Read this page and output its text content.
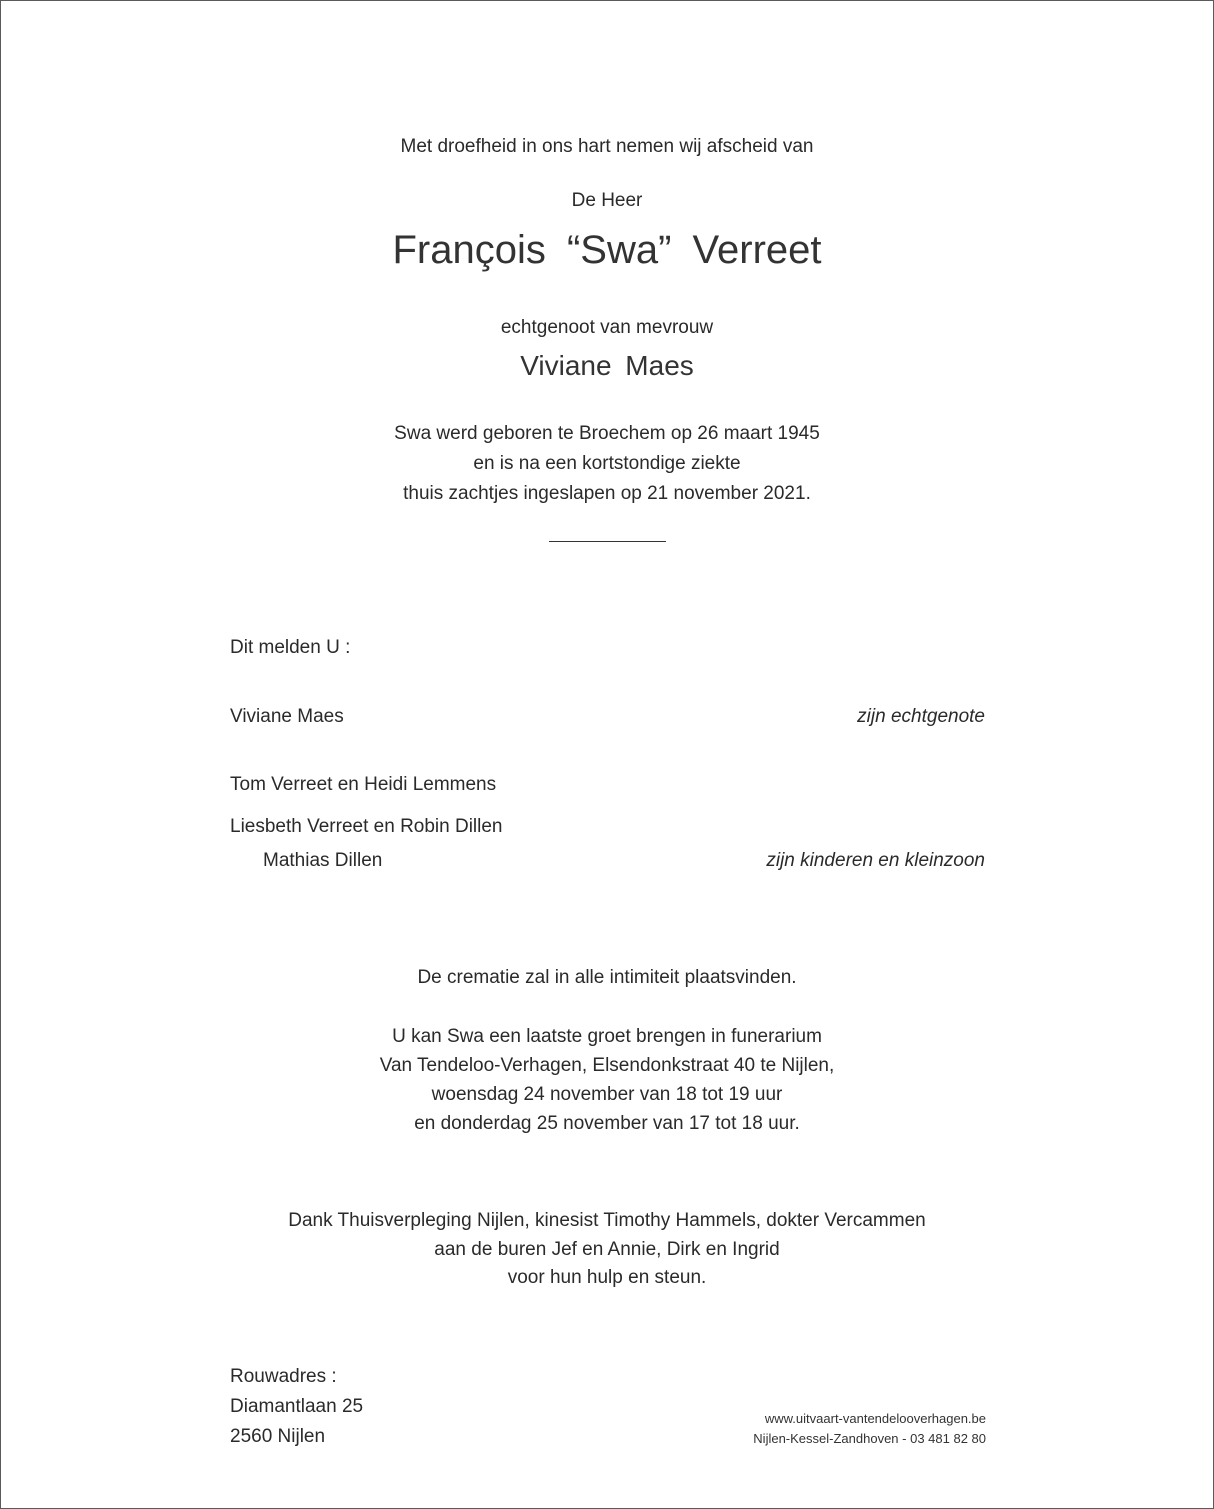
Met droefheid in ons hart nemen wij afscheid van
De Heer
François “Swa” Verreet
echtgenoot van mevrouw
Viviane Maes
Swa werd geboren te Broechem op 26 maart 1945
en is na een kortstondige ziekte
thuis zachtjes ingeslapen op 21 november 2021.
Dit melden U :
Viviane Maes	zijn echtgenote
Tom Verreet en Heidi Lemmens
Liesbeth Verreet en Robin Dillen
Mathias Dillen	zijn kinderen en kleinzoon
De crematie zal in alle intimiteit plaatsvinden.
U kan Swa een laatste groet brengen in funerarium
Van Tendeloo-Verhagen, Elsendonkstraat 40 te Nijlen,
woensdag 24 november van 18 tot 19 uur
en donderdag 25 november van 17 tot 18 uur.
Dank Thuisverpleging Nijlen, kinesist Timothy Hammels, dokter Vercammen
aan de buren Jef en Annie, Dirk en Ingrid
voor hun hulp en steun.
Rouwadres :
Diamantlaan 25
2560 Nijlen
www.uitvaart-vantendelooverhagen.be
Nijlen-Kessel-Zandhoven - 03 481 82 80
